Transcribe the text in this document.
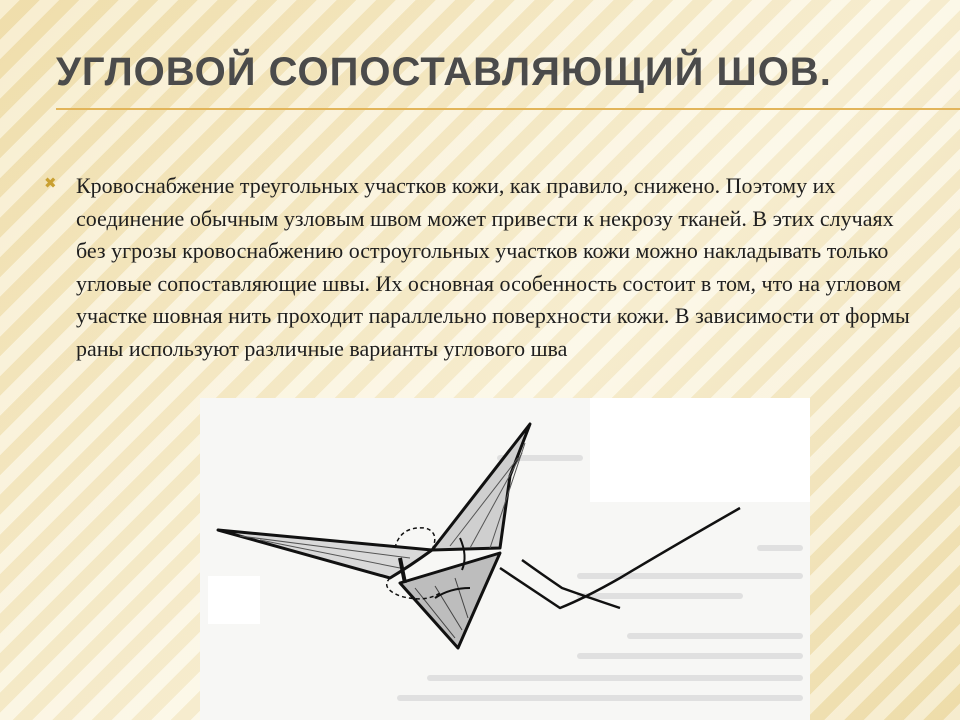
УГЛОВОЙ СОПОСТАВЛЯЮЩИЙ ШОВ.
✖ Кровоснабжение треугольных участков кожи, как правило, снижено. Поэтому их соединение обычным узловым швом может привести к некрозу тканей. В этих случаях без угрозы кровоснабжению остроугольных участков кожи можно накладывать только угловые сопоставляющие швы. Их основная особенность состоит в том, что на угловом участке шовная нить проходит параллельно поверхности кожи. В зависимости от формы раны используют различные варианты углового шва
